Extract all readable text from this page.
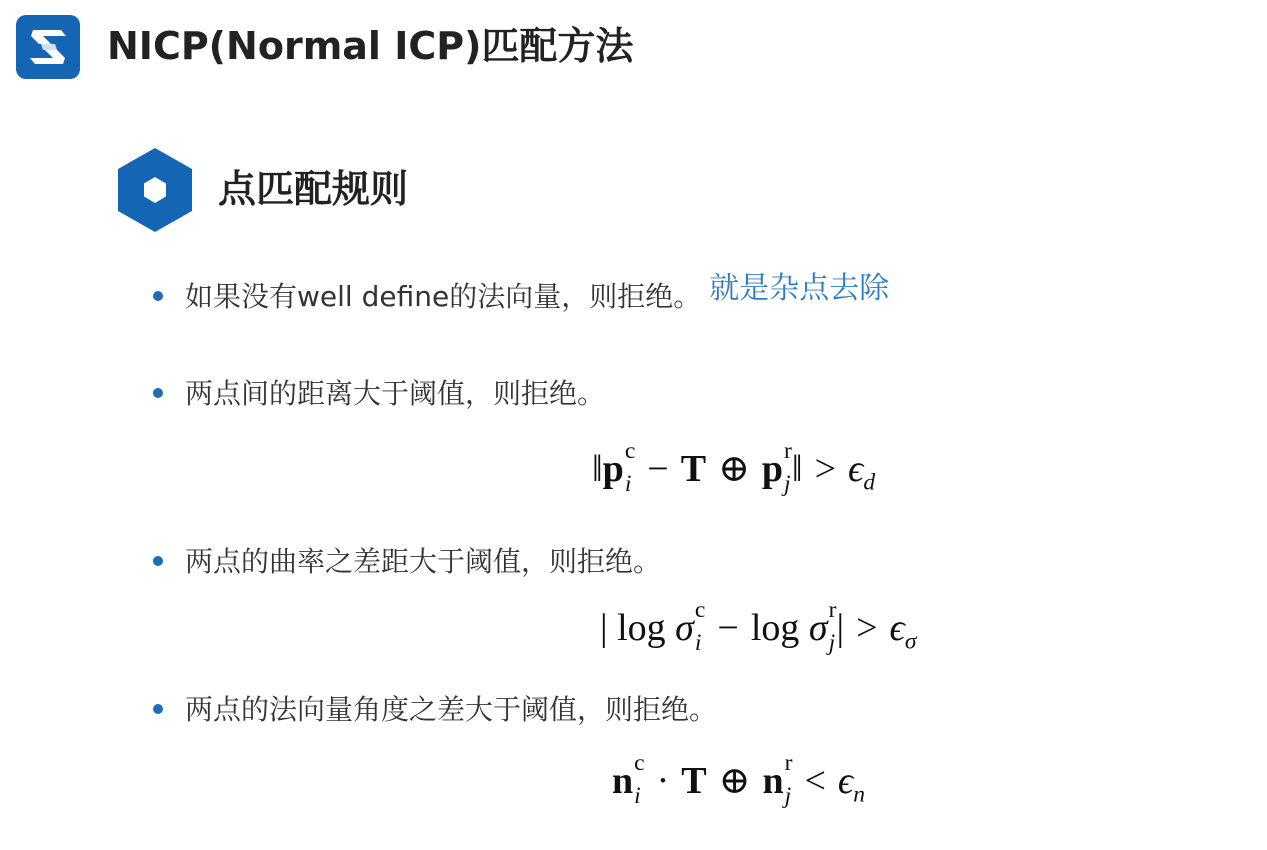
NICP(Normal ICP)匹配方法
点匹配规则
如果没有well define的法向量，则拒绝。 就是杂点去除
两点间的距离大于阈值，则拒绝。
‖p c
i − T ⊕ p r
j ‖ > $\epsilon_d$
两点的曲率之差距大于阈值，则拒绝。
| log σ c
i − log σ r
j | > $\epsilon_\sigma$
两点的法向量角度之差大于阈值，则拒绝。
n c
i · T ⊕ n r
$j < \epsilon_n$
